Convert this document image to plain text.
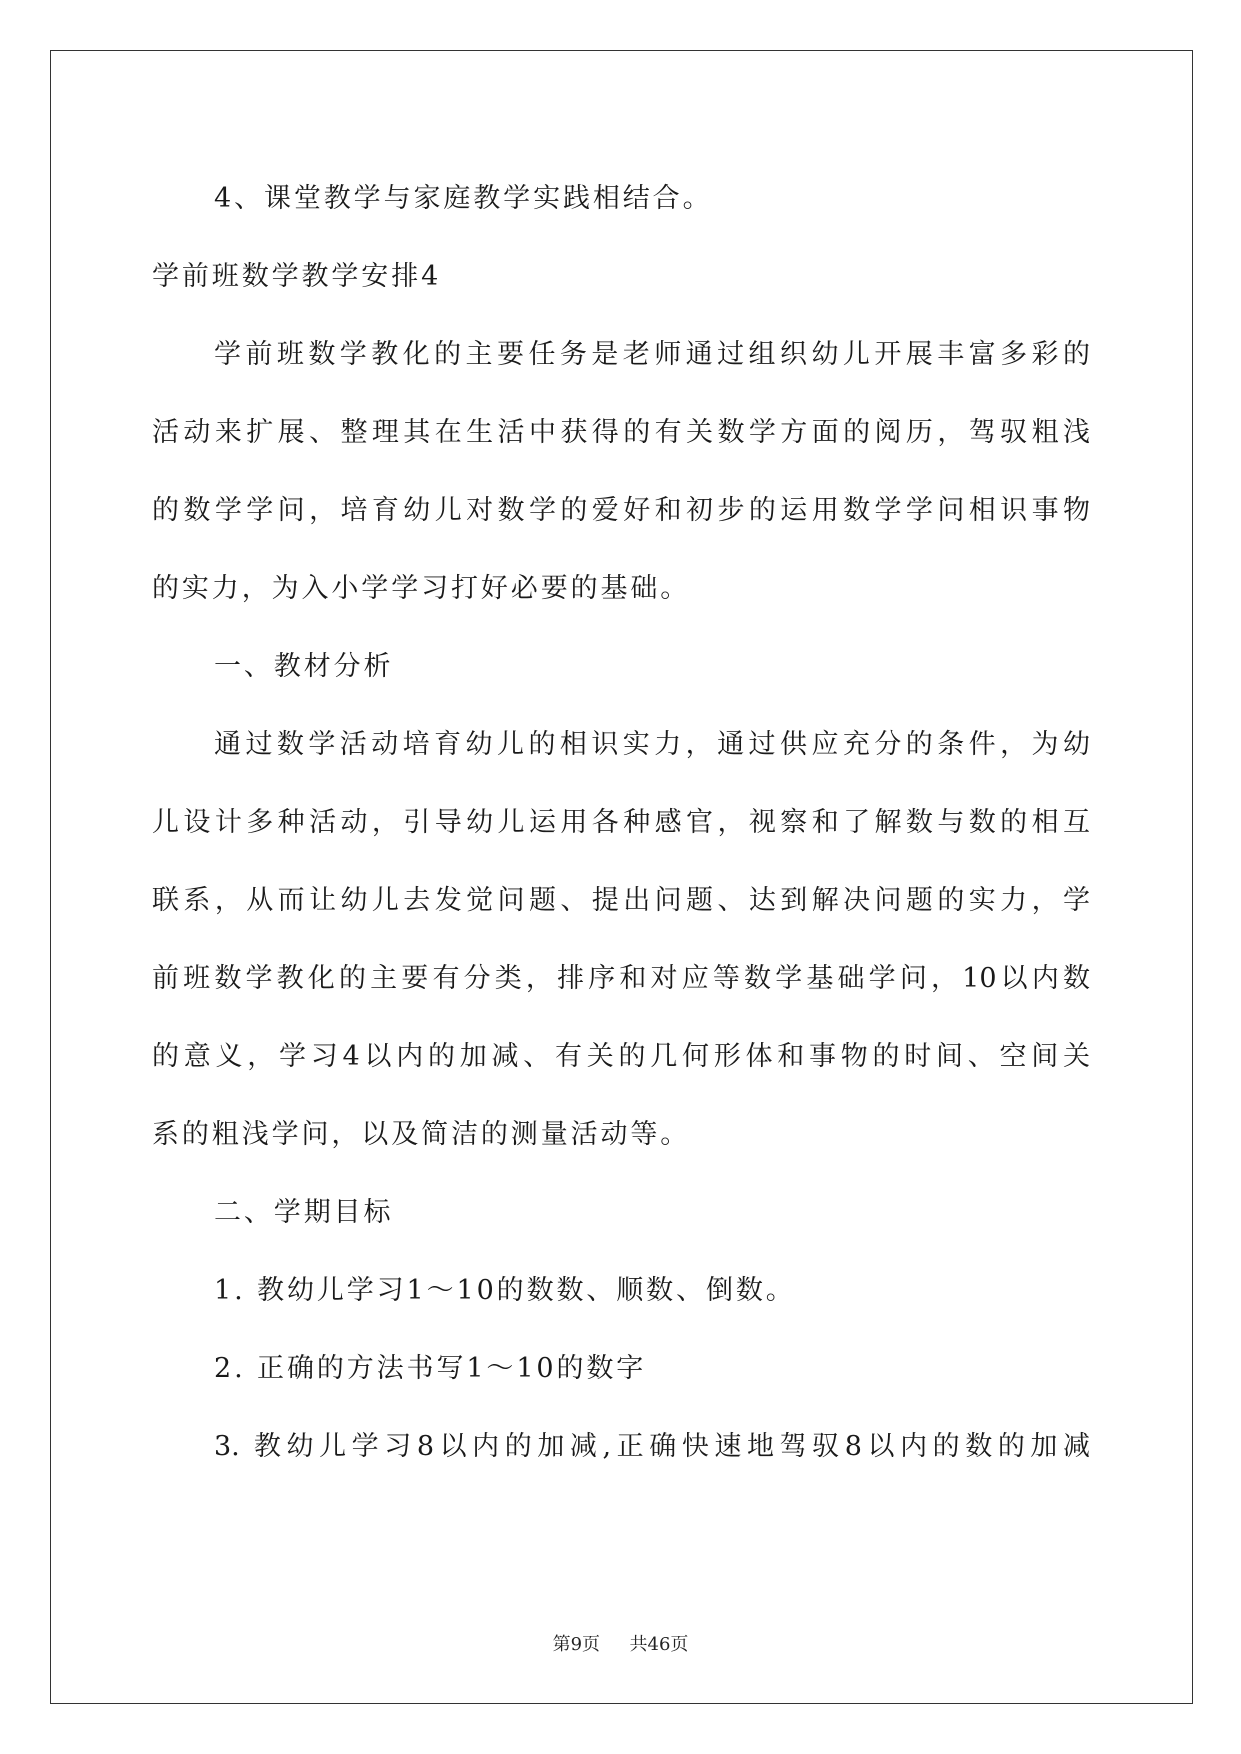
4、课堂教学与家庭教学实践相结合。
学前班数学教学安排4
学前班数学教化的主要任务是老师通过组织幼儿开展丰富多彩的
活动来扩展、整理其在生活中获得的有关数学方面的阅历，驾驭粗浅
的数学学问，培育幼儿对数学的爱好和初步的运用数学学问相识事物
的实力，为入小学学习打好必要的基础。
一、教材分析
通过数学活动培育幼儿的相识实力，通过供应充分的条件，为幼
儿设计多种活动，引导幼儿运用各种感官，视察和了解数与数的相互
联系，从而让幼儿去发觉问题、提出问题、达到解决问题的实力，学
前班数学教化的主要有分类，排序和对应等数学基础学问，10以内数
的意义，学习4以内的加减、有关的几何形体和事物的时间、空间关
系的粗浅学问，以及简洁的测量活动等。
二、学期目标
1. 教幼儿学习1～10的数数、顺数、倒数。
2. 正确的方法书写1～10的数字
3. 教幼儿学习8以内的加减,正确快速地驾驭8以内的数的加减
第9页 共46页
